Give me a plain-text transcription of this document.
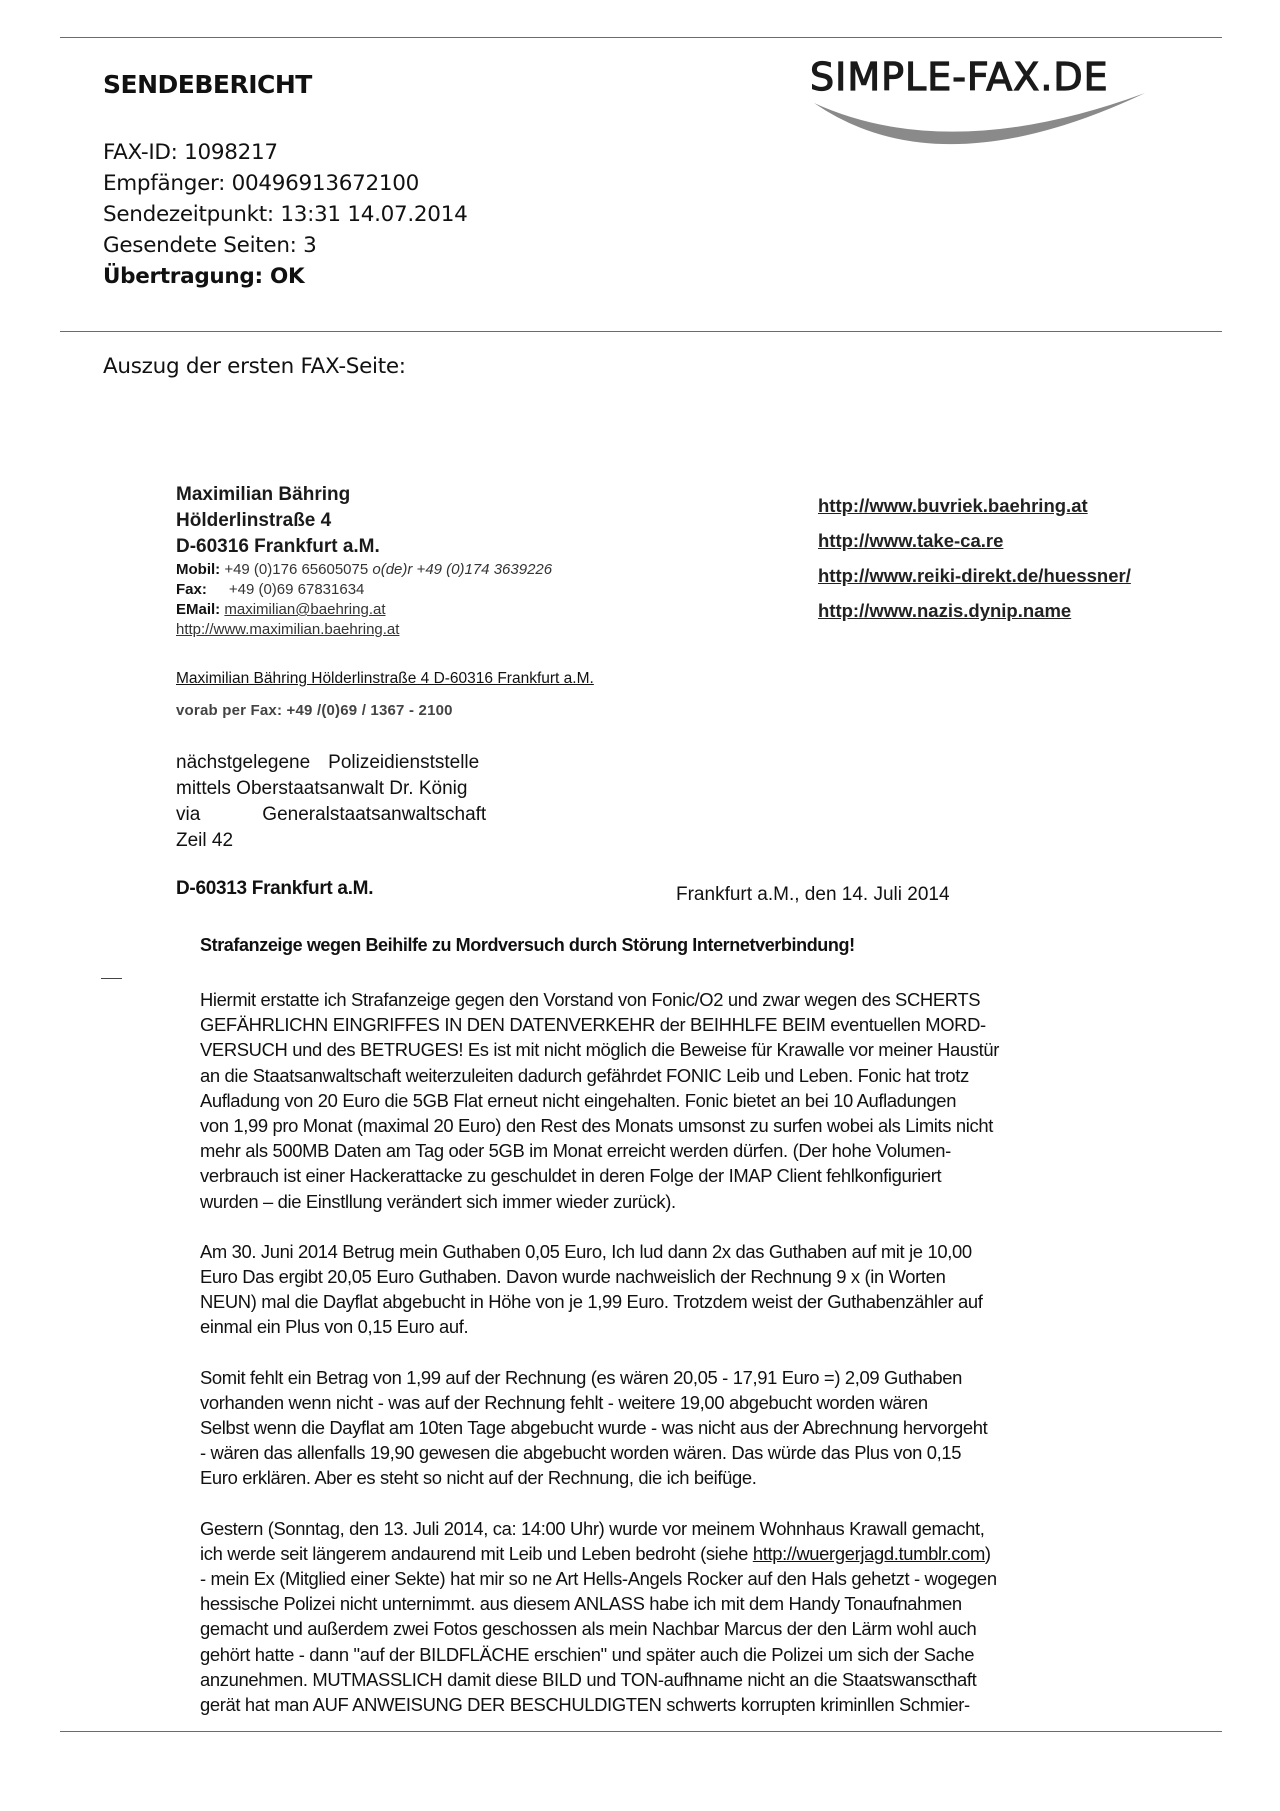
SENDEBERICHT	SIMPLE-FAX.DE
FAX-ID: 1098217
Empfänger: 00496913672100
Sendezeitpunkt: 13:31 14.07.2014
Gesendete Seiten: 3
Übertragung: OK
Auszug der ersten FAX-Seite:
Maximilian Bähring
Hölderlinstraße 4
D-60316 Frankfurt a.M.
Mobil: +49 (0)176 65605075 o(de)r +49 (0)174 3639226
Fax: +49 (0)69 67831634
EMail: maximilian@baehring.at
http://www.maximilian.baehring.at
http://www.buvriek.baehring.at
http://www.take-ca.re
http://www.reiki-direkt.de/huessner/
http://www.nazis.dynip.name
Maximilian Bähring Hölderlinstraße 4 D-60316 Frankfurt a.M.
vorab per Fax: +49 /(0)69 / 1367 - 2100
nächstgelegene Polizeidienststelle
mittels Oberstaatsanwalt Dr. König
via	Generalstaatsanwaltschaft
Zeil 42
D-60313 Frankfurt a.M.	Frankfurt a.M., den 14. Juli 2014
Strafanzeige wegen Beihilfe zu Mordversuch durch Störung Internetverbindung!

Hiermit erstatte ich Strafanzeige gegen den Vorstand von Fonic/O2 und zwar wegen des SCHERTS
GEFÄHRLICHN EINGRIFFES IN DEN DATENVERKEHR der BEIHHLFE BEIM eventuellen MORD-
VERSUCH und des BETRUGES! Es ist mit nicht möglich die Beweise für Krawalle vor meiner Haustür
an die Staatsanwaltschaft weiterzuleiten dadurch gefährdet FONIC Leib und Leben. Fonic hat trotz
Aufladung von 20 Euro die 5GB Flat erneut nicht eingehalten. Fonic bietet an bei 10 Aufladungen
von 1,99 pro Monat (maximal 20 Euro) den Rest des Monats umsonst zu surfen wobei als Limits nicht
mehr als 500MB Daten am Tag oder 5GB im Monat erreicht werden dürfen. (Der hohe Volumen-
verbrauch ist einer Hackerattacke zu geschuldet in deren Folge der IMAP Client fehlkonfiguriert
wurden – die Einstllung verändert sich immer wieder zurück).

Am 30. Juni 2014 Betrug mein Guthaben 0,05 Euro, Ich lud dann 2x das Guthaben auf mit je 10,00
Euro Das ergibt 20,05 Euro Guthaben. Davon wurde nachweislich der Rechnung 9 x (in Worten
NEUN) mal die Dayflat abgebucht in Höhe von je 1,99 Euro. Trotzdem weist der Guthabenzähler auf
einmal ein Plus von 0,15 Euro auf.

Somit fehlt ein Betrag von 1,99 auf der Rechnung (es wären 20,05 - 17,91 Euro =) 2,09 Guthaben
vorhanden wenn nicht - was auf der Rechnung fehlt - weitere 19,00 abgebucht worden wären
Selbst wenn die Dayflat am 10ten Tage abgebucht wurde - was nicht aus der Abrechnung hervorgeht
- wären das allenfalls 19,90 gewesen die abgebucht worden wären. Das würde das Plus von 0,15
Euro erklären. Aber es steht so nicht auf der Rechnung, die ich beifüge.

Gestern (Sonntag, den 13. Juli 2014, ca: 14:00 Uhr) wurde vor meinem Wohnhaus Krawall gemacht,
ich werde seit längerem andaurend mit Leib und Leben bedroht (siehe http://wuergerjagd.tumblr.com)
- mein Ex (Mitglied einer Sekte) hat mir so ne Art Hells-Angels Rocker auf den Hals gehetzt - wogegen
hessische Polizei nicht unternimmt. aus diesem ANLASS habe ich mit dem Handy Tonaufnahmen
gemacht und außerdem zwei Fotos geschossen als mein Nachbar Marcus der den Lärm wohl auch
gehört hatte - dann "auf der BILDFLÄCHE erschien" und später auch die Polizei um sich der Sache
anzunehmen. MUTMASSLICH damit diese BILD und TON-aufhname nicht an die Staatswanscthaft
gerät hat man AUF ANWEISUNG DER BESCHULDIGTEN schwerts korrupten kriminllen Schmier-
